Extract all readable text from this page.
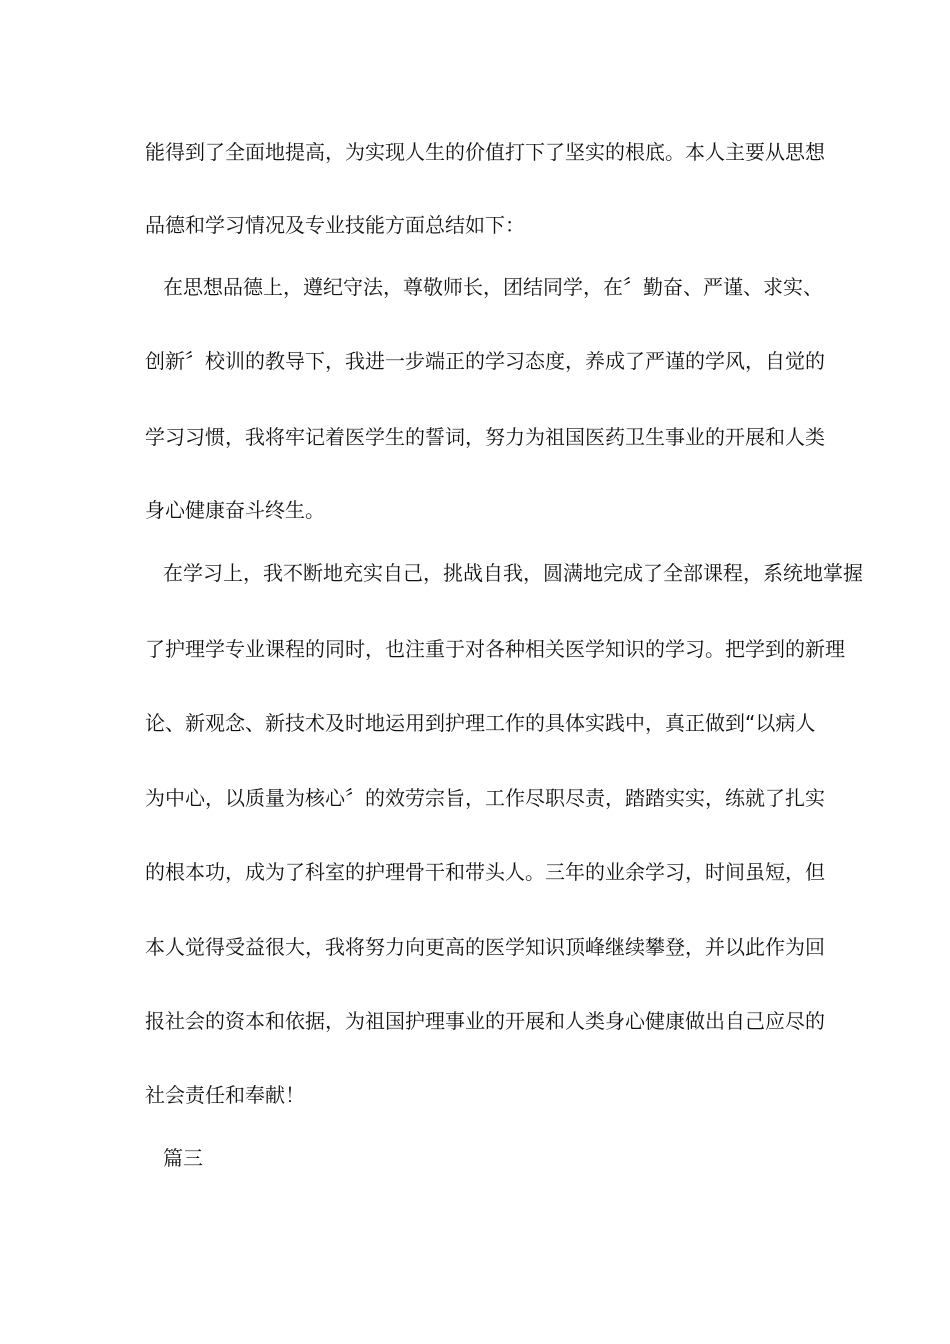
能得到了全面地提高，为实现人生的价值打下了坚实的根底。本人主要从思想
品德和学习情况及专业技能方面总结如下：
在思想品德上，遵纪守法，尊敬师长，团结同学，在〞勤奋、严谨、求实、
创新〞校训的教导下，我进一步端正的学习态度，养成了严谨的学风，自觉的
学习习惯，我将牢记着医学生的誓词，努力为祖国医药卫生事业的开展和人类
身心健康奋斗终生。
在学习上，我不断地充实自己，挑战自我，圆满地完成了全部课程，系统地掌握
了护理学专业课程的同时，也注重于对各种相关医学知识的学习。把学到的新理
论、新观念、新技术及时地运用到护理工作的具体实践中，真正做到“以病人
为中心，以质量为核心〞的效劳宗旨，工作尽职尽责，踏踏实实，练就了扎实
的根本功，成为了科室的护理骨干和带头人。三年的业余学习，时间虽短，但
本人觉得受益很大，我将努力向更高的医学知识顶峰继续攀登，并以此作为回
报社会的资本和依据，为祖国护理事业的开展和人类身心健康做出自己应尽的
社会责任和奉献！
篇三
